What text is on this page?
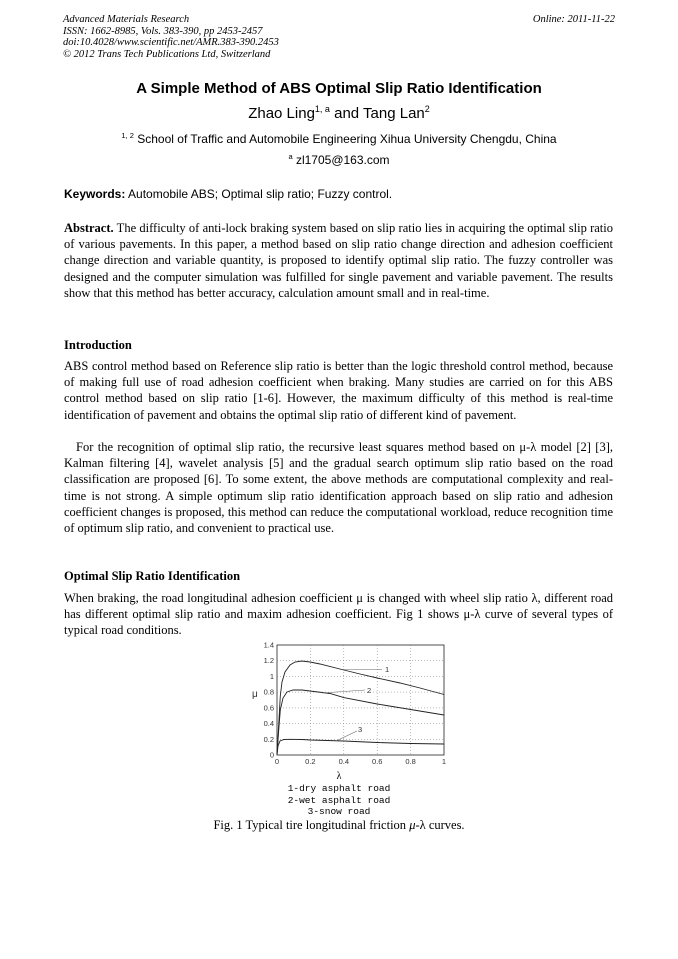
Advanced Materials Research
ISSN: 1662-8985, Vols. 383-390, pp 2453-2457
doi:10.4028/www.scientific.net/AMR.383-390.2453
© 2012 Trans Tech Publications Ltd, Switzerland
Online: 2011-11-22
A Simple Method of ABS Optimal Slip Ratio Identification
Zhao Ling$^{1, a}$ and Tang Lan$^2$
$^{1, 2}$ School of Traffic and Automobile Engineering Xihua University Chengdu, China
$^a$ zl1705@163.com
Keywords: Automobile ABS; Optimal slip ratio; Fuzzy control.
Abstract. The difficulty of anti-lock braking system based on slip ratio lies in acquiring the optimal slip ratio of various pavements. In this paper, a method based on slip ratio change direction and adhesion coefficient change direction and variable quantity, is proposed to identify optimal slip ratio. The fuzzy controller was designed and the computer simulation was fulfilled for single pavement and variable pavement. The results show that this method has better accuracy, calculation amount small and in real-time.
Introduction
ABS control method based on Reference slip ratio is better than the logic threshold control method, because of making full use of road adhesion coefficient when braking. Many studies are carried on for this ABS control method based on slip ratio [1-6]. However, the maximum difficulty of this method is real-time identification of pavement and obtains the optimal slip ratio of different kind of pavement.
For the recognition of optimal slip ratio, the recursive least squares method based on μ-λ model [2] [3], Kalman filtering [4], wavelet analysis [5] and the gradual search optimum slip ratio based on the road classification are proposed [6]. To some extent, the above methods are computational complexity and real-time is not strong. A simple optimum slip ratio identification approach based on slip ratio and adhesion coefficient changes is proposed, this method can reduce the computational workload, reduce recognition time of optimum slip ratio, and convenient to practical use.
Optimal Slip Ratio Identification
When braking, the road longitudinal adhesion coefficient μ is changed with wheel slip ratio λ, different road has different optimal slip ratio and maxim adhesion coefficient. Fig 1 shows μ-λ curve of several types of typical road conditions.
0
0.2
0.4
0.6
0.8
1
1.2
1.4
0	0.2	0.4	0.6	0.8	1
μ
1
2
3
λ
1-dry asphalt road
2-wet asphalt road
3-snow road
Fig. 1 Typical tire longitudinal friction μ-λ curves.
